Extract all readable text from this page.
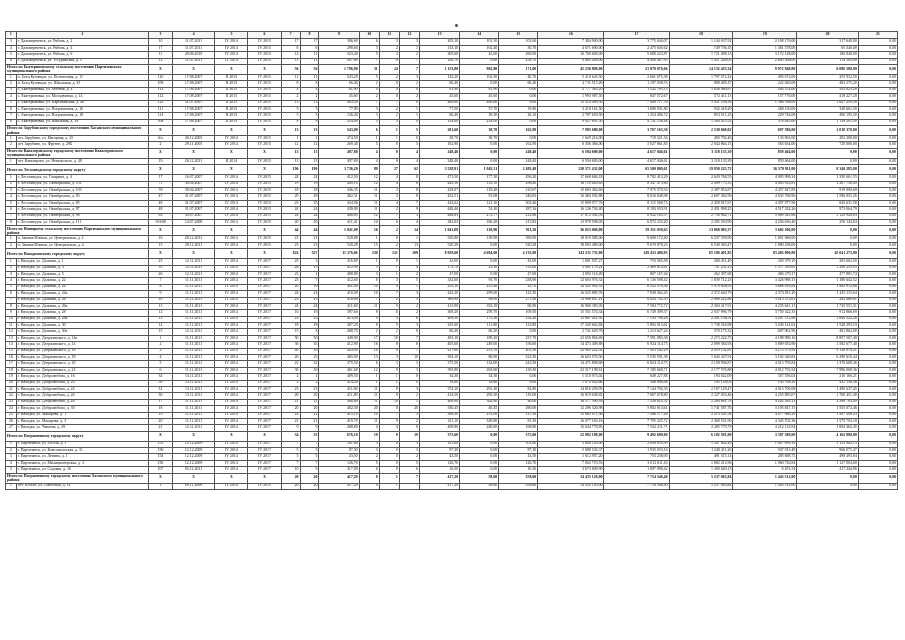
1	2	3	4	5	6	7	8	9	10	11	12	13	14	15	16	17	18	19	20	21
3	г. Дальнереченск, ул. Рябова, д. 2	10	11.07.2011	IV 2014	IV 2015	17	17	396,60	6	3	3	203,10	101,50	101,60	7 384 900,00	3 775 044,07	1 144 037,92	2 108 176,00	317 640,00	0,00
4	г. Дальнереченск, ул. Рябова, д. 4	17	11.07.2011	IV 2014	IV 2015	6	6	298,60	3	2	1	133,10	102,40	30,70	4 671 600,00	2 475 045,62	749 756,35	1 381 578,00	65 340,00	0,00
5	г. Дальнереченск, ул. Рябова, д. 6	11	29.06.2010	IV 2014	IV 2015	13	11	323,40	5	3	2	305,60	45,60	260,00	10 760 600,00	5 680 223,87	1 721 498,13	3 172 128,00	186 840,00	0,00
6	г. Дальнереченск, ул. Уссурийская, д. 5	12	11.07.2011	IV 2014	IV 2015	11	11	497,80	7	0	7	258,70	0,00	258,70	9 865 200,00	4 808 487,95	1 457 226,05	2 685 306,00	114 180,00	0,00
Итого по Екатериновскому сельскому поселению Партизанского муниципального района		X	X	X	X	56	56	1 796,80	31	24	7	1 153,80	962,80	171,00	45 236 800,00	21 070 076,66	14 132 455,34	9 972 948,00	6 086 580,00	0,00
1	п. Боец Кузнецов, ул. Полевочная, д. 11	110	17.08.2007	II 2015	IV 2015	11	11	543,20	5	2	3	142,20	102,50	40,70	5 210 643,50	2 661 675,38	1 797 572,42	495 072,00	255 932,50	0,00
2	п. Боец Кузнецов, ул. Школьная, д. 35	109	17.08.2007	II 2015	IV 2015	8	8	66,40	2	0	2	66,40	0,00	66,40	2 711 515,20	1 197 038,53	808 405,47	222 826,00	483 275,20	0,00
3	с. Екатериновка, ул. Зеленая, д. 4	113	17.08.2007	II 2015	IV 2015	4	4	81,90	4	4	0	81,90	81,90	0,00	2 777 365,20	1 522 785,13	1 028 380,87	283 374,00	542 825,20	0,00
4	с. Екатериновка, ул. Молодёжная, д. 14	112	17.08.2007	II 2015	IV 2015	2	2	45,60	2	0	2	45,60	45,60	0,00	1 993 987,50	847 572,67	572 411,13	157 776,00	418 227,20	0,00
5	с. Екатериновка, ул. Партизанская, д. 48	125	31.07.2007	II 2015	IV 2015	13	13	403,20	7	7	0	400,80	400,80	0,00	15 514 499,50	7 449 717,76	5 451 194,56	1 386 768,00	1 647 259,50	0,00
6	с. Екатериновка, ул. Пограничная, д. 16	111	17.08.2007	II 2015	IV 2015	5	5	77,90	3	2	1	77,50	57,70	19,80	3 210 161,50	1 680 931,80	932 418,20	268 150,00	328 661,50	0,00
7	с. Екатериновка, ул. Пограничная, д. 18	114	17.08.2007	II 2015	IV 2015	5	5	126,40	3	2	1	66,40	39,30	26,10	2 787 659,50	1 254 496,72	853 511,23	229 744,00	490 195,50	0,00
8	с. Екатериновка, ул. Школьная, д. 29	108	17.08.2007	II 2015	IV 2015	8	8	254,00	5	5	0	254,00	254,00	0,00	9 027 691,50	4 731 138,48	1 584 415,52	378 845,00	1 139 291,50	0,00
Итого по Зарубинскому городскому поселению Хасанского муниципального района		X	X	X	X	13	13	543,00	6	1	5	201,60	38,70	162,90	7 985 680,00	3 767 163,30	2 530 660,02	697 586,00	1 010 370,00	0,00
1	пгт. Зарубино, ул. Нагорная, д. 25	6/а	26.12.2005	IV 2014	IV 2015	1	1	274,50	1	1	0	38,70	38,70	0,00	1 629 216,00	719 321,54	483 792,46	133 902,00	292 200,00	0,00
2	пгт. Зарубино, ул. Фрунзе, д. 29Б	2	29.11.2005	IV 2014	IV 2015	12	12	269,40	5	0	5	162,90	0,00	162,90	6 356 366,00	3 027 861,85	2 044 864,15	563 634,00	720 006,00	0,00
Итого по Кавалеровскому городскому поселению Кавалеровского муниципального района		X	X	X	X	13	13	497,80	4	0	4	248,40	0,00	248,40	6 594 600,00	4 617 046,61	3 118 135,39	859 464,00	0,00	0,00
1	пгт. Кавалерово, ул. Невельского, д. 48	19	26.12.2011	II 2014	IV 2015	13	13	497,80	4	0	4	248,40	0,00	248,40	6 594 600,00	4 617 046,61	3 118 135,39	859 464,00	0,00	0,00
Итого по Лесозаводскому городскому округу		X	X	X	X	196	196	3 736,20	89	27	62	3 528,91	1 045,51	2 483,40	120 571 432,00	65 500 869,61	19 850 225,72	36 579 911,00	8 340 285,00	0,00
1	г. Лесозаводск, ул. Гагарина, д. 4	17	16.07.2007	IV 2014	IV 2015	24	24	412,50	12	4	8	473,50	177,30	296,20	17 668 684,18	8 782 414,29	2 629 768,55	4 905 998,34	1 350 661,55	0,00
2	г. Лесозаводск, ул. Октябрьская, д. 101	71	30.04.2007	IV 2014	IV 2015	19	19	449,10	12	4	8	449,10	133,10	296,80	16 718 620,65	8 347 475,60	2 499 775,35	4 663 933,81	1 207 736,49	0,00
3	г. Лесозаводск, ул. Октябрьская, д. 103	78	30.04.2007	IV 2014	IV 2015	18	18	446,35	11	3	8	429,07	118,40	310,67	15 683 362,69	7 975 570,33	2 387 853,87	4 457 827,85	919 990,69	0,00
4	г. Лесозаводск, ул. Октябрьская, д. 83	47	31.07.2007	IV 2014	IV 2015	29	29	462,31	11	3	8	432,51	91,68	340,83	16 484 592,88	8 616 648,98	2 607 362,96	4 635 768,96	1 596 031,26	0,00
5	г. Лесозаводск, ул. Октябрьская, д. 85	49	31.07.2007	IV 2014	IV 2015	25	25	434,96	11	4	7	424,62	121,16	303,46	15 809 077,76	8 115 568,73	2 459 017,67	4 497 977,90	845 631,58	0,00
6	г. Лесозаводск, ул. Октябрьская, д. 87	48	31.07.2007	IV 2014	IV 2015	24	24	439,00	11	2	9	448,46	53,30	387,16	16 126 704,40	8 183 933,91	2 451 998,25	4 517 332,26	973 064,79	0,00
7	г. Лесозаводск, ул. Октябрьская, д. 96	63	30.07.2007	IV 2014	IV 2015	24	24	486,65	12	7	5	486,63	273,77	212,86	17 872 392,93	8 922 165,57	2 750 962,71	5 069 341,66	1 129 926,83	0,00
8	г. Лесозаводск, ул. Октябрьская, д. 111	103/08	14.07.2008	IV 2014	IV 2015	20	20	411,41	10	6	4	382,03	166,20	215,83	13 979 598,05	6 972 233,20	2 295 550,90	4 256 630,46	256 144,04	0,00
Итого по Новицкому сельскому поселению Партизанского муниципального района		X	X	X	X	44	44	1 041,08	16	2	14	1 041,08	129,90	911,20	36 023 060,00	19 351 050,63	13 068 003,37	3 602 206,00	0,00	0,00
1	п. Заимка Южная, ул. Центральная, д. 2	16	28.12.2011	IV 2014	IV 2015	21	21	520,80	1	0	1	520,80	129,90	390,90	18 019 580,00	9 680 172,40	6 537 559,90	1 801 968,00	0,00	0,00
2	п. Заимка Южная, ул. Центральная, д. 4	15	28.12.2011	IV 2014	IV 2015	23	23	520,28	15	2	13	520,28	0,00	520,28	18 003 480,00	9 670 878,23	6 530 363,47	1 800 238,00	0,00	0,00
Итого по Находкинскому городскому округу		X	X	X	X	624	527	11 376,60	230	121	109	8 829,60	4 694,60	4 135,00	343 211 735,80	149 433 400,95	65 186 401,85	83 403 090,00	45 041 275,80	0,00
1	г. Находка, ул. Дальняя, д. 1	23	12.11.2011	IV 2014	IV 2017	25	3	316,80	1	0	1	43,00	0,00	43,00	1 681 937,27	753 565,58	260 451,40	450 379,10	205 663,50	0,00
2	г. Находка, ул. Дальняя, д. 3	35	12.11.2011	IV 2014	IV 2017	26	15	412,90	5	1	4	173,70	23,30	113,60	5 801 179,24	2 469 814,61	747 231,25	1 377 393,65	1 209 233,95	0,00
3	г. Находка, ул. Дальняя, д. 5	26	12.11.2011	IV 2014	IV 2017	23	1	408,80	3	1	2	47,00	0,00	47,00	2 092 116,49	867 167,44	262 397,68	484 279,37	477 881,74	0,00
4	г. Находка, ул. Дальняя, д. 22	7	11.11.2011	IV 2014	IV 2017	23	7	412,60	8	3	5	332,60	93,70	238,90	12 603 976,32	6 136 598,42	1 839 712,23	3 426 988,15	1 180 642,52	0,00
5	г. Находка, ул. Дальняя, д. 24	8	11.11.2011	IV 2014	IV 2017	20	19	401,40	10	9	1	255,10	231,40	23,70	14 325 902,33	6 552 378,36	1 979 656,95	3 668 018,84	1 963 912,66	0,00
6	г. Находка, ул. Дальняя, д. 24а	9	11.11.2011	IV 2014	IV 2017	24	24	410,00	10	7	3	424,30	299,00	125,30	16 025 885,76	7 838 462,45	2 372 640,79	4 373 811,20	1 435 115,64	0,00
7	г. Находка, ул. Дальняя, д. 26	10	11.11.2011	IV 2014	IV 2017	23	23	416,80	7	2	5	369,90	98,00	271,90	13 986 847,21	6 824 792,35	2 068 222,86	3 813 372,61	282 468,61	0,00
8	г. Находка, ул. Дальняя, д. 26а	11	11.11.2011	IV 2014	IV 2017	24	24	411,60	11	9	2	413,90	353,10	60,80	16 960 383,03	7 594 772,72	2 304 417,91	4 235 641,13	1 725 551,31	0,00
9	г. Находка, ул. Дальняя, д. 28	12	11.11.2011	IV 2014	IV 2017	16	16	397,60	8	6	2	369,20	259,70	109,50	15 551 574,34	6 749 399,37	2 037 996,79	3 750 322,35	912 866,69	0,00
10	г. Находка, ул. Дальняя, д. 28а	13	11.11.2011	IV 2014	IV 2017	23	23	413,00	9	3	6	409,50	175,30	234,20	15 667 021,95	7 533 790,28	2 281 136,51	4 207 572,88	1 644 322,28	0,00
11	г. Находка, ул. Дальняя, д. 30	14	11.11.2011	IV 2014	IV 2017	18	18	407,20	8	5	3	235,60	111,80	123,80	17 320 662,84	5 802 013,61	1 738 316,98	3 240 141,62	1 520 293,53	0,00
12	г. Находка, ул. Дальняя, д. 30а	15	12.11.2011	IV 2014	IV 2017	15	4	408,70	2	2	0	66,20	66,20	0,00	2 741 629,78	1 213 627,24	370 175,32	607 961,96	481 862,08	0,00
13	г. Находка, ул. Дзержинского, д. 14а	1	11.11.2011	IV 2014	IV 2017	50	50	449,00	17	10	7	405,10	189,20	237,70	23 650 804,69	7 591 083,38	2 273 224,75	4 188 989,16	8 857 567,40	0,00
14	г. Находка, ул. Дзержинского, д. 14	2	11.11.2011	IV 2014	IV 2017	36	35	412,90	16	8	8	405,60	249,00	156,60	14 473 409,88	6 924 114,75	2 099 584,93	3 869 033,90	1 582 677,40	0,00
15	г. Находка, ул. Дзержинского, д. 16	3	11.11.2011	IV 2014	IV 2017	40	39	443,00	16	9	7	417,80	215,70	201,30	22 983 222,54	7 453 162,29	2 219 132,81	4 273 573,92	9 126 870,21	0,00
16	г. Находка, ул. Дзержинского, д. 18	4	11.11.2011	IV 2014	IV 2017	26	25	465,90	13	3	10	394,10	80,00	323,30	16 623 570,36	5 535 591,38	1 643 437,91	3 102 326,82	6 290 616,44	0,00
17	г. Находка, ул. Дзержинского, д. 20	5	11.11.2011	IV 2014	IV 2017	22	22	375,50	6	3	3	375,50	132,00	243,50	14 471 898,68	6 924 114,75	2 159 936,87	4 013 793,84	1 376 608,36	0,00
18	г. Находка, ул. Дзержинского, д. 22	6	11.11.2011	IV 2014	IV 2017	30	30	461,60	12	9	3	393,90	263,60	130,30	22 317 198,61	7 185 668,71	2 177 576,88	4 012 753,54	7 996 008,36	0,00
19	г. Находка, ул. Добролюбова, д. 16	34	13.11.2011	IV 2014	IV 2017	2	1	409,50	1	1	0	34,30	34,30	0,00	1 510 973,02	649 227,88	194 022,09	357 556,04	310 166,21	0,00
20	г. Находка, ул. Добролюбова, д. 20	50	13.11.2011	IV 2014	IV 2017	2	2	414,20	1	1	0	18,80	18,80	0,00	1 074 024,66	346 896,98	105 139,03	193 708,29	431 130,36	0,00
21	г. Находка, ул. Добролюбова, д. 24	31	13.11.2011	IV 2014	IV 2017	23	23	411,00	11	8	3	374,10	291,30	82,80	14 816 259,95	7 144 792,35	2 167 129,47	4 013 700,68	1 490 637,45	0,00
22	г. Находка, ул. Добролюбова, д. 26	30	13.11.2011	IV 2014	IV 2017	20	20	411,80	11	9	2	414,50	295,50	119,00	16 019 048,82	7 667 678,80	2 327 033,46	4 255 885,07	1 768 451,49	0,00
23	г. Находка, ул. Добролюбова, д. 28	17	11.11.2011	IV 2014	IV 2017	21	21	408,80	11	10	1	408,90	362,80	46,00	16 577 390,93	7 528 625,52	2 280 681,78	4 202 583,13	2 568 783,49	0,00
24	г. Находка, ул. Добролюбова, д. 30	18	11.11.2011	IV 2014	IV 2017	20	20	402,30	20	0	20	330,45	40,45	290,00	12 296 520,98	5 802 013,61	1 741 587,76	3 195 847,15	1 555 072,46	0,00
25	г. Находка, ул. Макарова, д. 1	19	11.11.2011	IV 2014	IV 2017	22	22	415,10	10	7	3	398,30	251,00	147,30	15 063 871,36	7 266 177,26	2 213 331,58	4 077 066,29	1 507 296,23	0,00
26	г. Находка, ул. Макарова, д. 3	20	11.11.2011	IV 2014	IV 2017	21	21	419,70	11	9	2	411,10	329,80	81,30	16 077 163,16	7 795 225,72	2 360 531,90	4 345 702,36	1 575 703,18	0,00
27	г. Находка, ул. Чапаева, д. 29	21	12.11.2011	IV 2014	IV 2017	9	9	408,80	4	4	0	408,80	240,00	168,80	15 044 778,85	7 542 211,71	2 285 779,79	4 212 123,94	1 004 362,45	0,00
Итого по Пограничному городскому округу		X	X	X	X	34	33	676,10	19	0	19	375,60	0,00	375,60	22 982 180,00	9 492 609,00	6 182 591,00	3 307 580,00	4 162 800,00	0,00
1	г. Партизанск, ул. Гоголя, д. 1	151	12.12.2009	IV 2014	IV 2017	7	7	101,60	3	0	3	101,60	0,00	101,60	5 604 120,00	2 094 635,99	1 347 802,49	1 007 699,39	1 153 982,13	0,00
2	г. Партизанск, ул. Комсомольская, д. 31	156	12.12.2009	IV 2014	IV 2017	5	5	87,30	3	0	3	87,30	0,00	87,30	5 088 533,37	1 935 033,16	1 240 411,26	947 013,48	966 075,47	0,00
3	г. Партизанск, ул. Ленина, д. 1	154	12.12.2009	IV 2014	IV 2017	5	5	43,50	2	0	2	43,50	0,00	43,50	1 612 957,20	753 238,00	491 315,14	285 688,75	498 493,84	0,00
4	г. Партизанск, ул. Милиционерская, д. 3	150	12.12.2009	IV 2014	IV 2017	7	7	126,70	5	0	5	126,70	0,00	126,70	7 002 719,53	3 012 611,43	1 802 412,96	1 060 726,84	1 127 004,60	0,00
5	г. Партизанск, ул. Садовая, д. 16	107	05.12.2011	IV 2014	IV 2017	10	9	317,00	6	0	6	16,50	0,00	16,50	3 673 849,90	1 697 090,42	1 300 649,15	6 451,54	417 244,96	0,00
Итого по Пограничному городскому поселению Хасанского муниципального района		X	X	X	X	20	20	417,20	8	1	7	417,20	58,60	358,60	14 435 120,00	7 754 546,40	5 237 063,84	1 443 512,00	0,00	0,00
1	пгт. Посьет, ул. Советская, д. 14	1	09.11.2009	IV 2014	IV 2015	20	20	417,20	8	1	7	417,20	58,60	358,60	14 435 120,00	7 754 546,40	5 237 063,84	1 443 512,00	0,00	0,00
